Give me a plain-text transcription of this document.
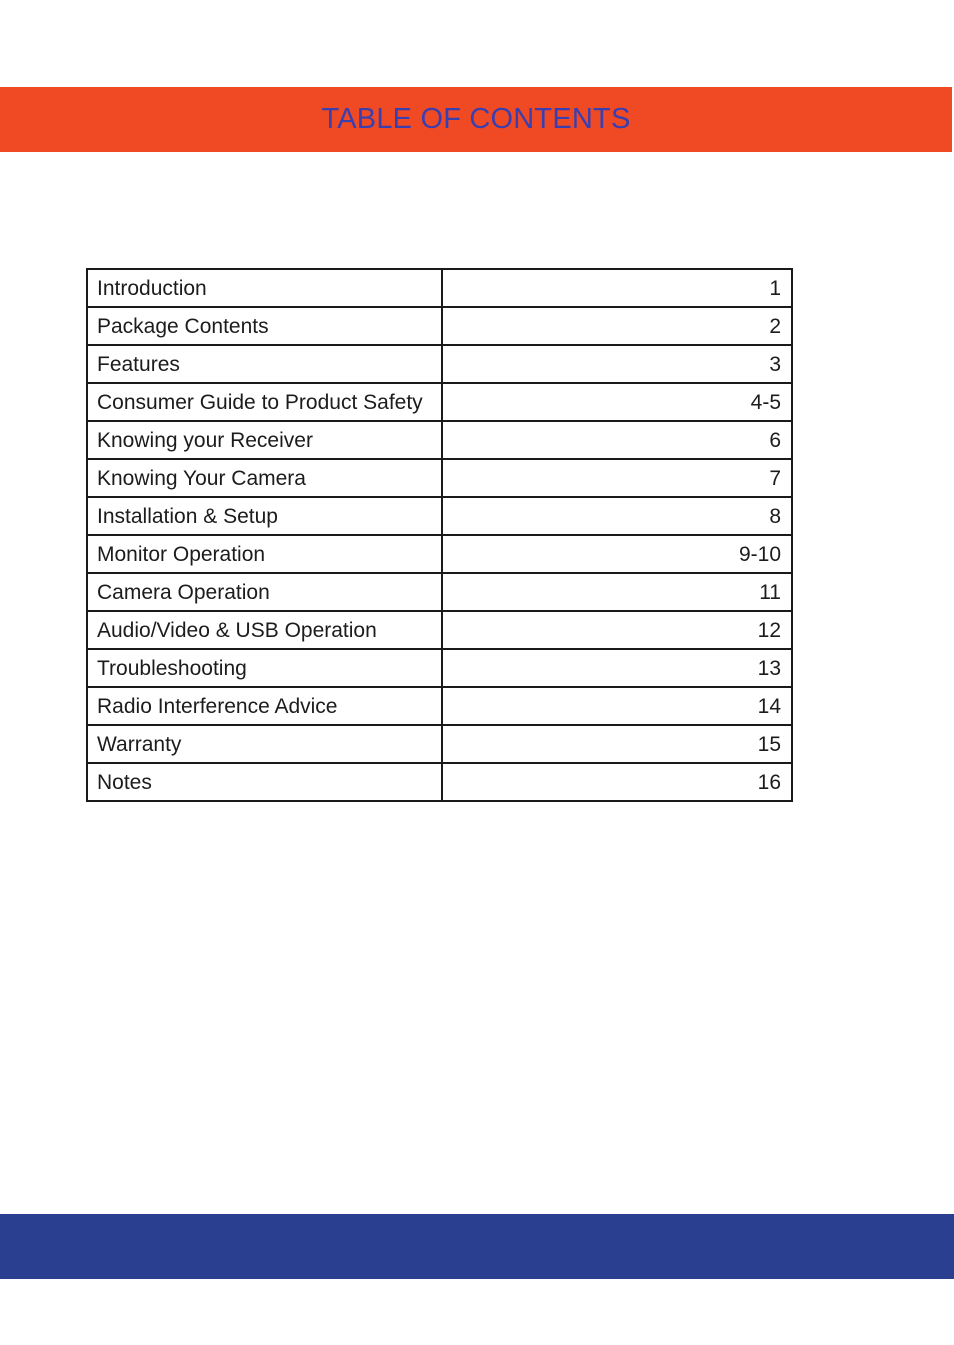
TABLE OF CONTENTS
Introduction	1
Package Contents	2
Features	3
Consumer Guide to Product Safety	4-5
Knowing your Receiver	6
Knowing Your Camera	7
Installation & Setup	8
Monitor Operation	9-10
Camera Operation	11
Audio/Video & USB Operation	12
Troubleshooting	13
Radio Interference Advice	14
Warranty	15
Notes	16
